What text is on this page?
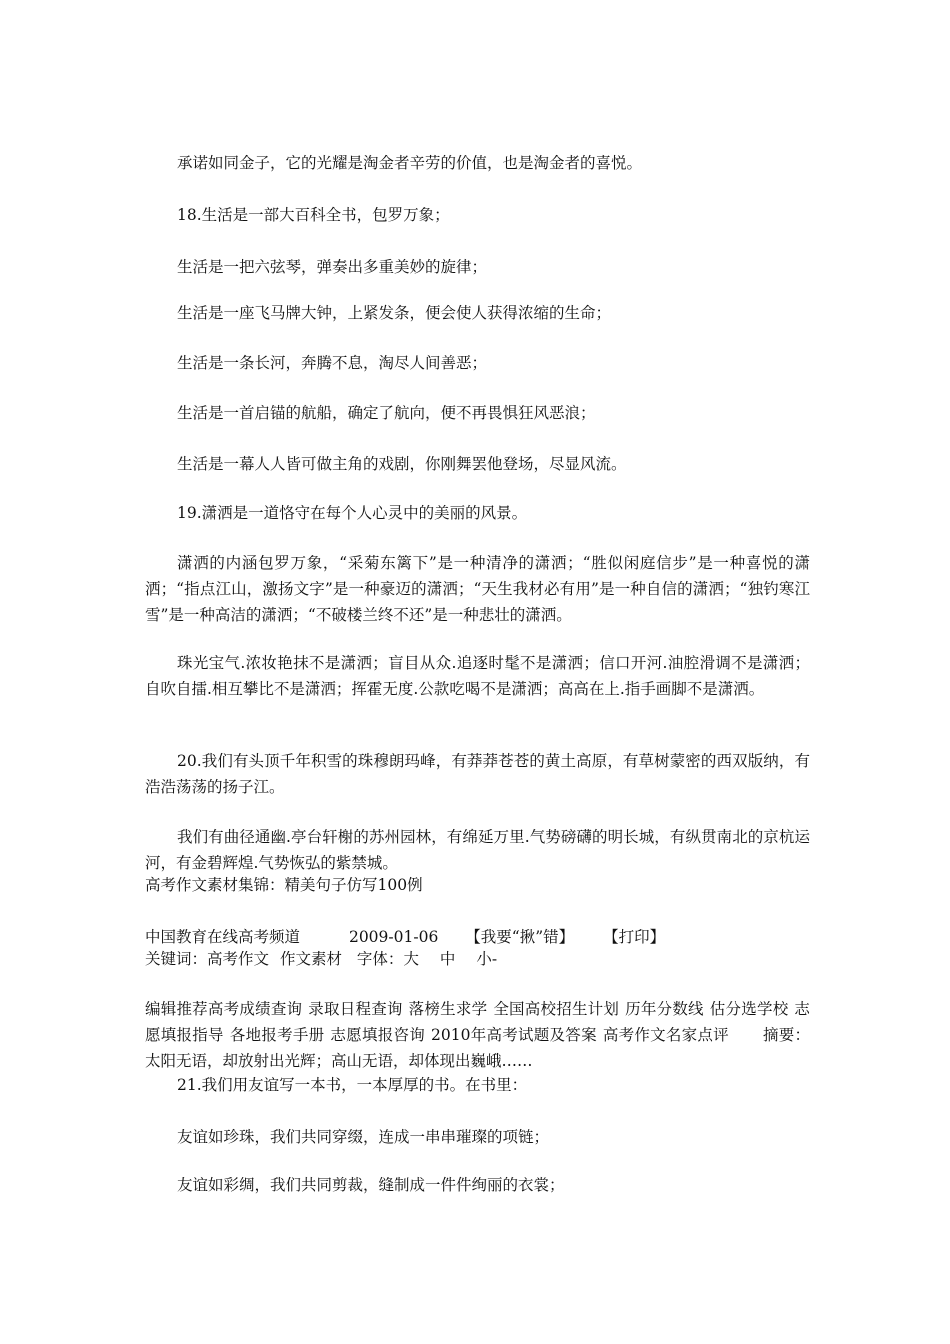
承诺如同金子，它的光耀是淘金者辛劳的价值，也是淘金者的喜悦。
18.生活是一部大百科全书，包罗万象；
生活是一把六弦琴，弹奏出多重美妙的旋律；
生活是一座飞马牌大钟，上紧发条，便会使人获得浓缩的生命；
生活是一条长河，奔腾不息，淘尽人间善恶；
生活是一首启锚的航船，确定了航向，便不再畏惧狂风恶浪；
生活是一幕人人皆可做主角的戏剧，你刚舞罢他登场，尽显风流。
19.潇洒是一道恪守在每个人心灵中的美丽的风景。
潇洒的内涵包罗万象，“采菊东篱下”是一种清净的潇洒；“胜似闲庭信步”是一种喜悦的潇洒；“指点江山，激扬文字”是一种豪迈的潇洒；“天生我材必有用”是一种自信的潇洒；“独钓寒江雪”是一种高洁的潇洒；“不破楼兰终不还”是一种悲壮的潇洒。
珠光宝气.浓妆艳抹不是潇洒；盲目从众.追逐时髦不是潇洒；信口开河.油腔滑调不是潇洒；自吹自擂.相互攀比不是潇洒；挥霍无度.公款吃喝不是潇洒；高高在上.指手画脚不是潇洒。
20.我们有头顶千年积雪的珠穆朗玛峰，有莽莽苍苍的黄土高原，有草树蒙密的西双版纳，有浩浩荡荡的扬子江。
我们有曲径通幽.亭台轩榭的苏州园林，有绵延万里.气势磅礴的明长城，有纵贯南北的京杭运河，有金碧辉煌.气势恢弘的紫禁城。
高考作文素材集锦：精美句子仿写100例
中国教育在线高考频道	2009-01-06 【我要“揪”错】 【打印】
关键词：高考作文 作文素材 字体：大 中 小-
编辑推荐高考成绩查询 录取日程查询 落榜生求学 全国高校招生计划 历年分数线 估分选学校 志愿填报指导 各地报考手册 志愿填报咨询 2010年高考试题及答案 高考作文名家点评 摘要：太阳无语，却放射出光辉；高山无语，却体现出巍峨……
21.我们用友谊写一本书，一本厚厚的书。在书里：
友谊如珍珠，我们共同穿缀，连成一串串璀璨的项链；
友谊如彩绸，我们共同剪裁，缝制成一件件绚丽的衣裳；
